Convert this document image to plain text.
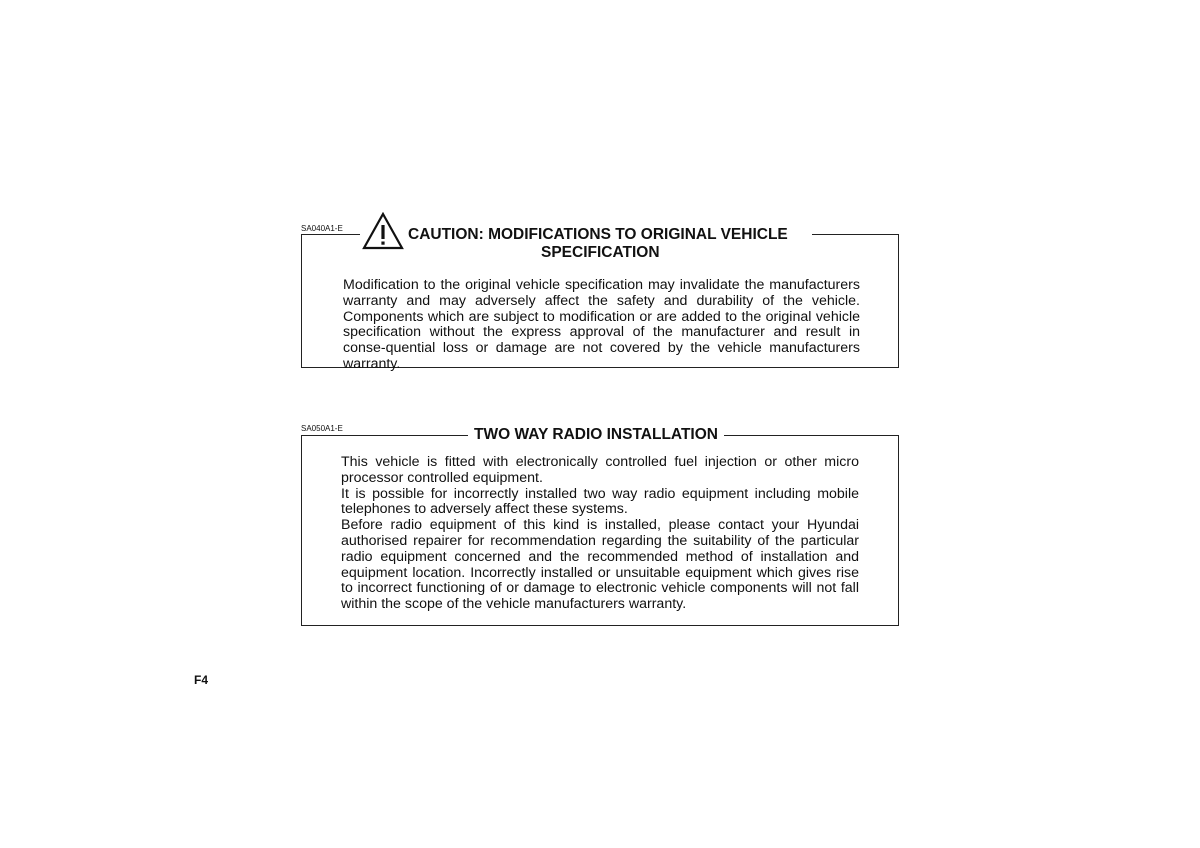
SA040A1-E	CAUTION: MODIFICATIONS TO ORIGINAL VEHICLE
SPECIFICATION

Modification to the original vehicle specification may invalidate the manufacturers warranty and may adversely affect the safety and durability of the vehicle. Components which are subject to modification or are added to the original vehicle specification without the express approval of the manufacturer and result in conse-quential loss or damage are not covered by the vehicle manufacturers warranty.

SA050A1-E	TWO WAY RADIO INSTALLATION

This vehicle is fitted with electronically controlled fuel injection or other micro processor controlled equipment.

It is possible for incorrectly installed two way radio equipment including mobile telephones to adversely affect these systems.

Before radio equipment of this kind is installed, please contact your Hyundai authorised repairer for recommendation regarding the suitability of the particular radio equipment concerned and the recommended method of installation and equipment location. Incorrectly installed or unsuitable equipment which gives rise to incorrect functioning of or damage to electronic vehicle components will not fall within the scope of the vehicle manufacturers warranty.

F4
